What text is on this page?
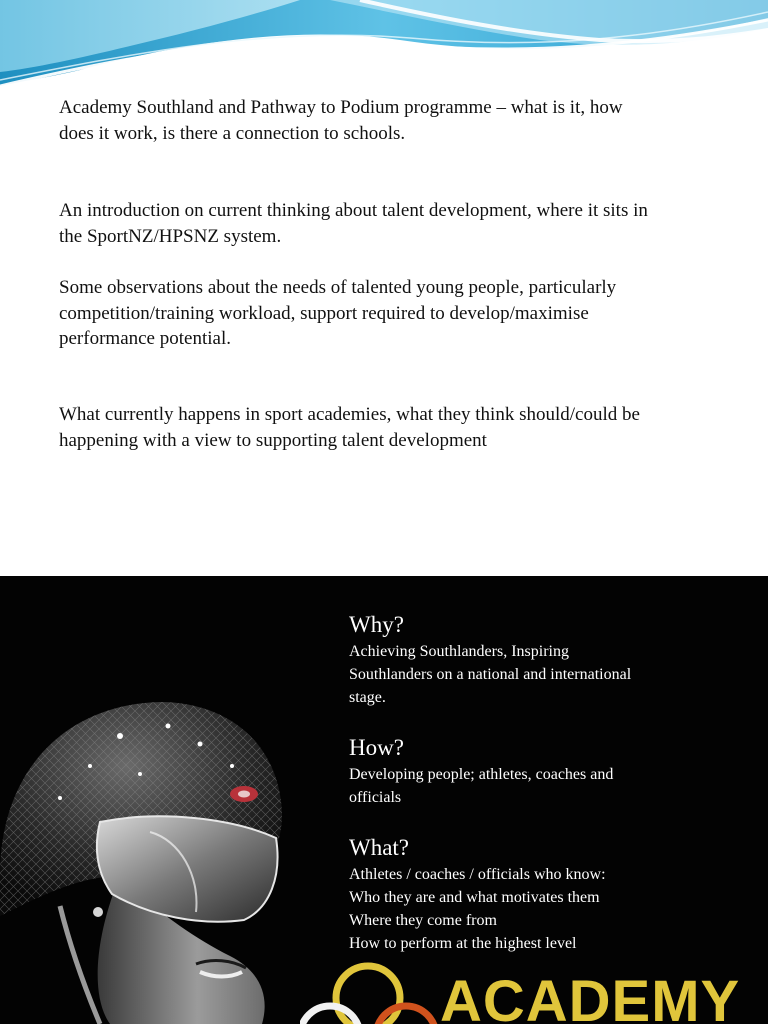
Academy Southland and Pathway to Podium programme – what is it, how does it work, is there a connection to schools.

An introduction on current thinking about talent development, where it sits in the SportNZ/HPSNZ system.

Some observations about the needs of talented young people, particularly competition/training workload, support required to develop/maximise performance potential.

What currently happens in sport academies, what they think should/could be happening with a view to supporting talent development

Why?
Achieving Southlanders, Inspiring
Southlanders on a national and international
stage.
How?
Developing people; athletes, coaches and
officials
What?
Athletes / coaches / officials who know:
Who they are and what motivates them
Where they come from
How to perform at the highest level
ACADEMY
